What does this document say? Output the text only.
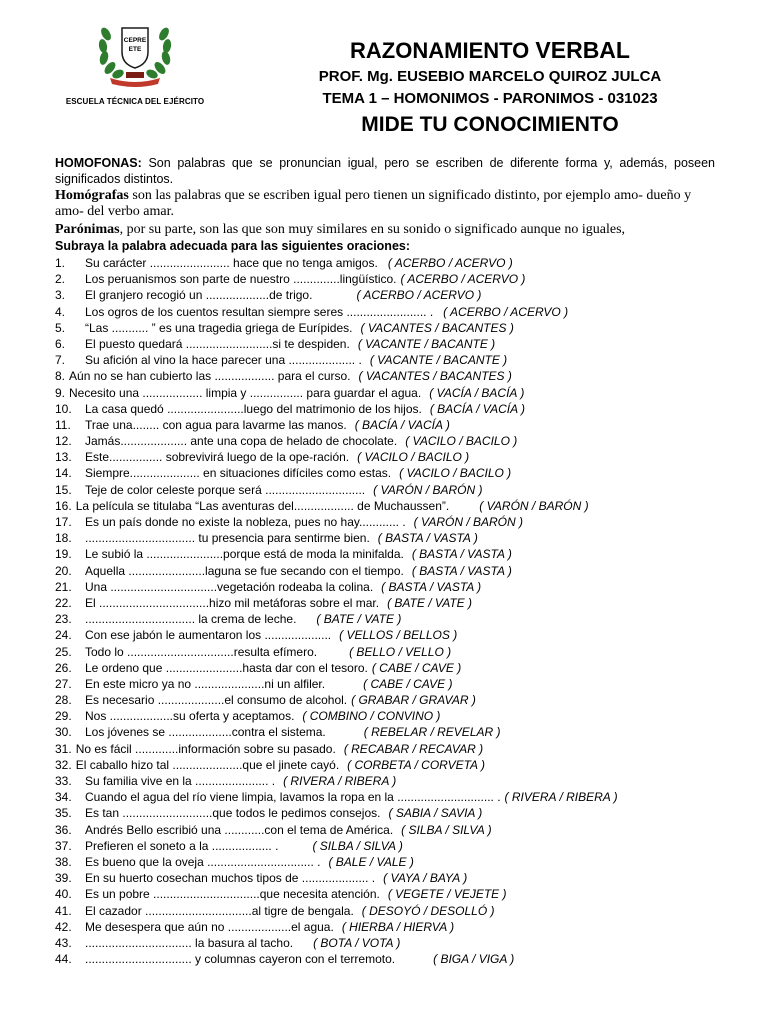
CEPRE
ETE
ESCUELA TÉCNICA DEL EJÉRCITO
RAZONAMIENTO VERBAL
PROF. Mg. EUSEBIO MARCELO QUIROZ JULCA
TEMA 1 – HOMONIMOS - PARONIMOS - 031023
MIDE TU CONOCIMIENTO
HOMOFONAS: Son palabras que se pronuncian igual, pero se escriben de diferente forma y, además, poseen significados distintos.
Homógrafas son las palabras que se escriben igual pero tienen un significado distinto, por ejemplo amo- dueño y amo- del verbo amar.
Parónimas, por su parte, son las que son muy similares en su sonido o significado aunque no iguales,
Subraya la palabra adecuada para las siguientes oraciones:
1. Su carácter ........................ hace que no tenga amigos. ( ACERBO / ACERVO )
2. Los peruanismos son parte de nuestro ..............lingüístico. ( ACERBO / ACERVO )
3. El granjero recogió un ...................de trigo.	( ACERBO / ACERVO )
4. Los ogros de los cuentos resultan siempre seres ........................ . ( ACERBO / ACERVO )
5. “Las ........... ” es una tragedia griega de Eurípides. ( VACANTES / BACANTES )
6. El puesto quedará ..........................si te despiden. ( VACANTE / BACANTE )
7. Su afición al vino la hace parecer una .................... . ( VACANTE / BACANTE )
8. Aún no se han cubierto las .................. para el curso. ( VACANTES / BACANTES )
9. Necesito una .................. limpia y ................ para guardar el agua. ( VACÍA / BACÍA )
10. La casa quedó .......................luego del matrimonio de los hijos. ( BACÍA / VACÍA )
11. Trae una........ con agua para lavarme las manos. ( BACÍA / VACÍA )
12. Jamás.................... ante una copa de helado de chocolate. ( VACILO / BACILO )
13. Este................ sobrevivirá luego de la ope-ración. ( VACILO / BACILO )
14. Siempre..................... en situaciones difíciles como estas. ( VACILO / BACILO )
15. Teje de color celeste porque será .............................. ( VARÓN / BARÓN )
16. La película se titulaba “Las aventuras del.................. de Muchaussen”.	( VARÓN / BARÓN )
17. Es un país donde no existe la nobleza, pues no hay............ . ( VARÓN / BARÓN )
18. ................................. tu presencia para sentirme bien. ( BASTA / VASTA )
19. Le subió la .......................porque está de moda la minifalda. ( BASTA / VASTA )
20. Aquella .......................laguna se fue secando con el tiempo. ( BASTA / VASTA )
21. Una ................................vegetación rodeaba la colina. ( BASTA / VASTA )
22. El .................................hizo mil metáforas sobre el mar. ( BATE / VATE )
23. ................................. la crema de leche. ( BATE / VATE )
24. Con ese jabón le aumentaron los .................... ( VELLOS / BELLOS )
25. Todo lo ................................resulta efímero.	( BELLO / VELLO )
26. Le ordeno que .......................hasta dar con el tesoro. ( CABE / CAVE )
27. En este micro ya no .....................ni un alfiler.	( CABE / CAVE )
28. Es necesario ....................el consumo de alcohol. ( GRABAR / GRAVAR )
29. Nos ...................su oferta y aceptamos. ( COMBINO / CONVINO )
30. Los jóvenes se ...................contra el sistema.	( REBELAR / REVELAR )
31. No es fácil .............información sobre su pasado. ( RECABAR / RECAVAR )
32. El caballo hizo tal .....................que el jinete cayó. ( CORBETA / CORVETA )
33. Su familia vive en la ...................... . ( RIVERA / RIBERA )
34. Cuando el agua del río viene limpia, lavamos la ropa en la ............................. . ( RIVERA / RIBERA )
35. Es tan ...........................que todos le pedimos consejos. ( SABIA / SAVIA )
36. Andrés Bello escribió una ............con el tema de América. ( SILBA / SILVA )
37. Prefieren el soneto a la .................. .	( SILBA / SILVA )
38. Es bueno que la oveja ................................ . ( BALE / VALE )
39. En su huerto cosechan muchos tipos de .................... . ( VAYA / BAYA )
40. Es un pobre ................................que necesita atención. ( VEGETE / VEJETE )
41. El cazador ................................al tigre de bengala. ( DESOYÓ / DESOLLÓ )
42. Me desespera que aún no ...................el agua. ( HIERBA / HIERVA )
43. ................................ la basura al tacho. ( BOTA / VOTA )
44. ................................ y columnas cayeron con el terremoto.	( BIGA / VIGA )
